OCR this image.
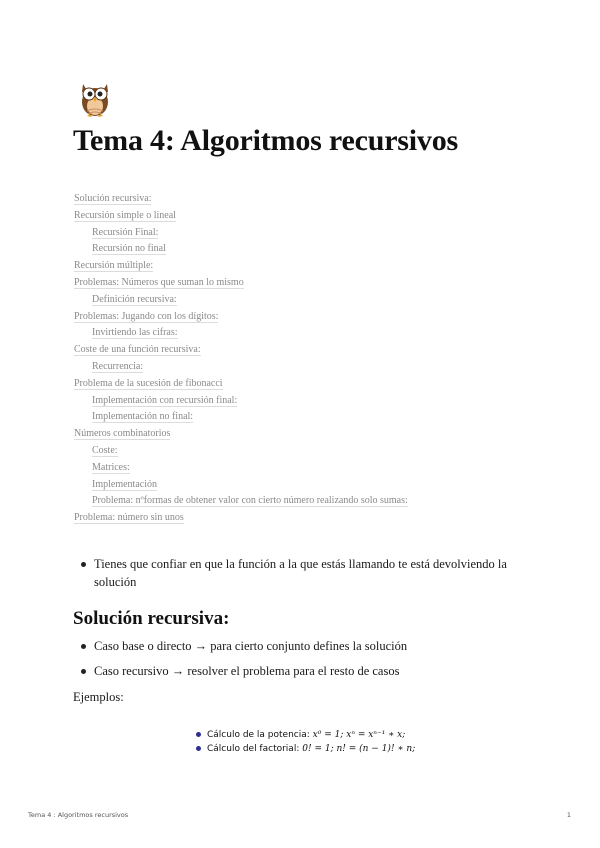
Tema 4: Algoritmos recursivos
Solución recursiva:
Recursión simple o lineal
Recursión Final:
Recursión no final
Recursión múltiple:
Problemas: Números que suman lo mismo
Definición recursiva:
Problemas: Jugando con los dígitos:
Invirtiendo las cifras:
Coste de una función recursiva:
Recurrencia:
Problema de la sucesión de fibonacci
Implementación con recursión final:
Implementación no final:
Números combinatorios
Coste:
Matrices:
Implementación
Problema: nºformas de obtener valor con cierto número realizando solo sumas:
Problema: número sin unos
Tienes que confiar en que la función a la que estás llamando te está devolviendo la solución
Solución recursiva:
Caso base o directo → para cierto conjunto defines la solución
Caso recursivo → resolver el problema para el resto de casos

Ejemplos:

Cálculo de la potencia: x⁰ = 1; xⁿ = xⁿ⁻¹ ∗ x;
Cálculo del factorial: 0! = 1; n! = (n − 1)! ∗ n;
Tema 4 : Algoritmos recursivos	1
